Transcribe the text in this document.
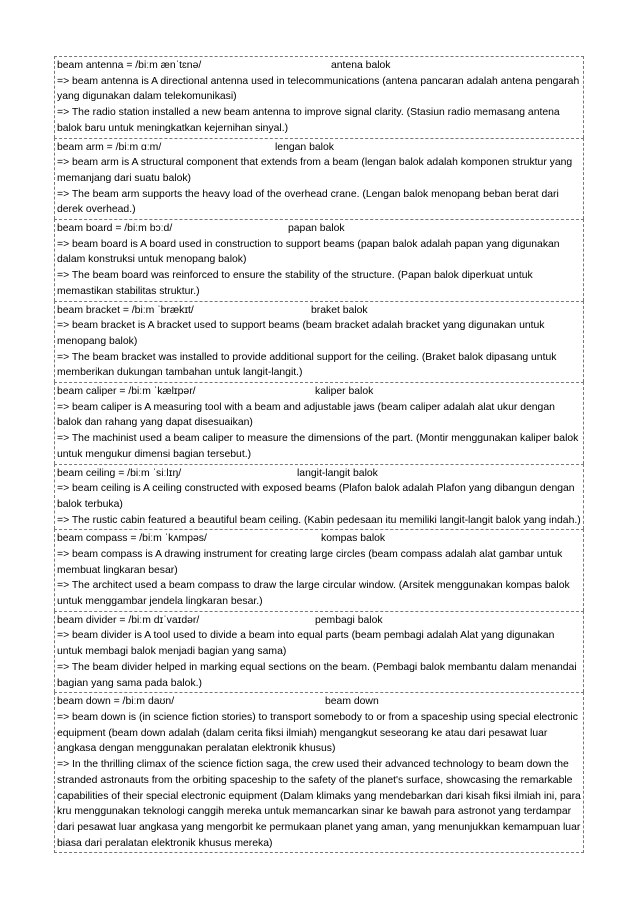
beam antenna = /biːm ænˈtɛnə/	antena balok

=> beam antenna is A directional antenna used in telecommunications (antena pancaran adalah antena pengarah yang digunakan dalam telekomunikasi)

=> The radio station installed a new beam antenna to improve signal clarity. (Stasiun radio memasang antena balok baru untuk meningkatkan kejernihan sinyal.)

beam arm = /biːm ɑːm/	lengan balok

=> beam arm is A structural component that extends from a beam (lengan balok adalah komponen struktur yang memanjang dari suatu balok)

=> The beam arm supports the heavy load of the overhead crane. (Lengan balok menopang beban berat dari derek overhead.)

beam board = /biːm bɔːd/	papan balok

=> beam board is A board used in construction to support beams (papan balok adalah papan yang digunakan dalam konstruksi untuk menopang balok)

=> The beam board was reinforced to ensure the stability of the structure. (Papan balok diperkuat untuk memastikan stabilitas struktur.)

beam bracket = /biːm ˈbrækɪt/	braket balok

=> beam bracket is A bracket used to support beams (beam bracket adalah bracket yang digunakan untuk menopang balok)

=> The beam bracket was installed to provide additional support for the ceiling. (Braket balok dipasang untuk memberikan dukungan tambahan untuk langit-langit.)

beam caliper = /biːm ˈkælɪpər/	kaliper balok

=> beam caliper is A measuring tool with a beam and adjustable jaws (beam caliper adalah alat ukur dengan balok dan rahang yang dapat disesuaikan)

=> The machinist used a beam caliper to measure the dimensions of the part. (Montir menggunakan kaliper balok untuk mengukur dimensi bagian tersebut.)

beam ceiling = /biːm ˈsiːlɪŋ/	langit-langit balok

=> beam ceiling is A ceiling constructed with exposed beams (Plafon balok adalah Plafon yang dibangun dengan balok terbuka)

=> The rustic cabin featured a beautiful beam ceiling. (Kabin pedesaan itu memiliki langit-langit balok yang indah.)

beam compass = /biːm ˈkʌmpəs/	kompas balok

=> beam compass is A drawing instrument for creating large circles (beam compass adalah alat gambar untuk membuat lingkaran besar)

=> The architect used a beam compass to draw the large circular window. (Arsitek menggunakan kompas balok untuk menggambar jendela lingkaran besar.)

beam divider = /biːm dɪˈvaɪdər/	pembagi balok

=> beam divider is A tool used to divide a beam into equal parts (beam pembagi adalah Alat yang digunakan untuk membagi balok menjadi bagian yang sama)

=> The beam divider helped in marking equal sections on the beam. (Pembagi balok membantu dalam menandai bagian yang sama pada balok.)

beam down = /biːm daʊn/	beam down

=> beam down is (in science fiction stories) to transport somebody to or from a spaceship using special electronic equipment (beam down adalah (dalam cerita fiksi ilmiah) mengangkut seseorang ke atau dari pesawat luar angkasa dengan menggunakan peralatan elektronik khusus)

=> In the thrilling climax of the science fiction saga, the crew used their advanced technology to beam down the stranded astronauts from the orbiting spaceship to the safety of the planet's surface, showcasing the remarkable capabilities of their special electronic equipment (Dalam klimaks yang mendebarkan dari kisah fiksi ilmiah ini, para kru menggunakan teknologi canggih mereka untuk memancarkan sinar ke bawah para astronot yang terdampar dari pesawat luar angkasa yang mengorbit ke permukaan planet yang aman, yang menunjukkan kemampuan luar biasa dari peralatan elektronik khusus mereka)
